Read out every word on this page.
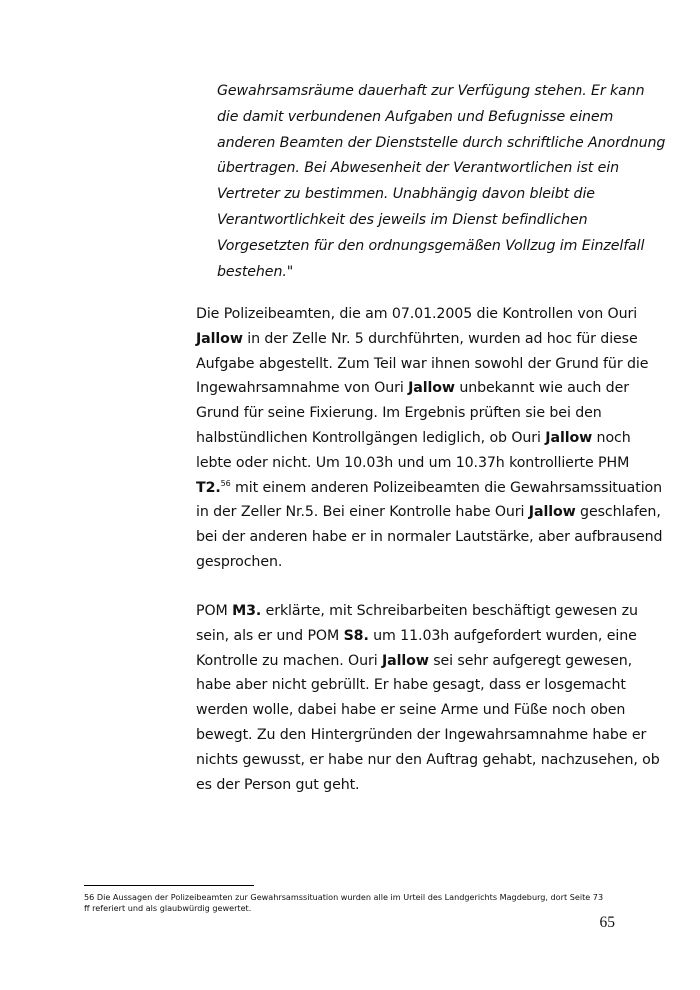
Gewahrsamsräume dauerhaft zur Verfügung stehen. Er kann
die damit verbundenen Aufgaben und Befugnisse einem
anderen Beamten der Dienststelle durch schriftliche Anordnung
übertragen. Bei Abwesenheit der Verantwortlichen ist ein
Vertreter zu bestimmen. Unabhängig davon bleibt die
Verantwortlichkeit des jeweils im Dienst befindlichen
Vorgesetzten für den ordnungsgemäßen Vollzug im Einzelfall
bestehen."
Die Polizeibeamten, die am 07.01.2005 die Kontrollen von Ouri
Jallow in der Zelle Nr. 5 durchführten, wurden ad hoc für diese
Aufgabe abgestellt. Zum Teil war ihnen sowohl der Grund für die
Ingewahrsamnahme von Ouri Jallow unbekannt wie auch der
Grund für seine Fixierung. Im Ergebnis prüften sie bei den
halbstündlichen Kontrollgängen lediglich, ob Ouri Jallow noch
lebte oder nicht. Um 10.03h und um 10.37h kontrollierte PHM
T2.56 mit einem anderen Polizeibeamten die Gewahrsamssituation
in der Zeller Nr.5. Bei einer Kontrolle habe Ouri Jallow geschlafen,
bei der anderen habe er in normaler Lautstärke, aber aufbrausend
gesprochen.
POM M3. erklärte, mit Schreibarbeiten beschäftigt gewesen zu
sein, als er und POM S8. um 11.03h aufgefordert wurden, eine
Kontrolle zu machen. Ouri Jallow sei sehr aufgeregt gewesen,
habe aber nicht gebrüllt. Er habe gesagt, dass er losgemacht
werden wolle, dabei habe er seine Arme und Füße noch oben
bewegt. Zu den Hintergründen der Ingewahrsamnahme habe er
nichts gewusst, er habe nur den Auftrag gehabt, nachzusehen, ob
es der Person gut geht.
56 Die Aussagen der Polizeibeamten zur Gewahrsamssituation wurden alle im Urteil des Landgerichts Magdeburg, dort Seite 73
ff referiert und als glaubwürdig gewertet.
65
